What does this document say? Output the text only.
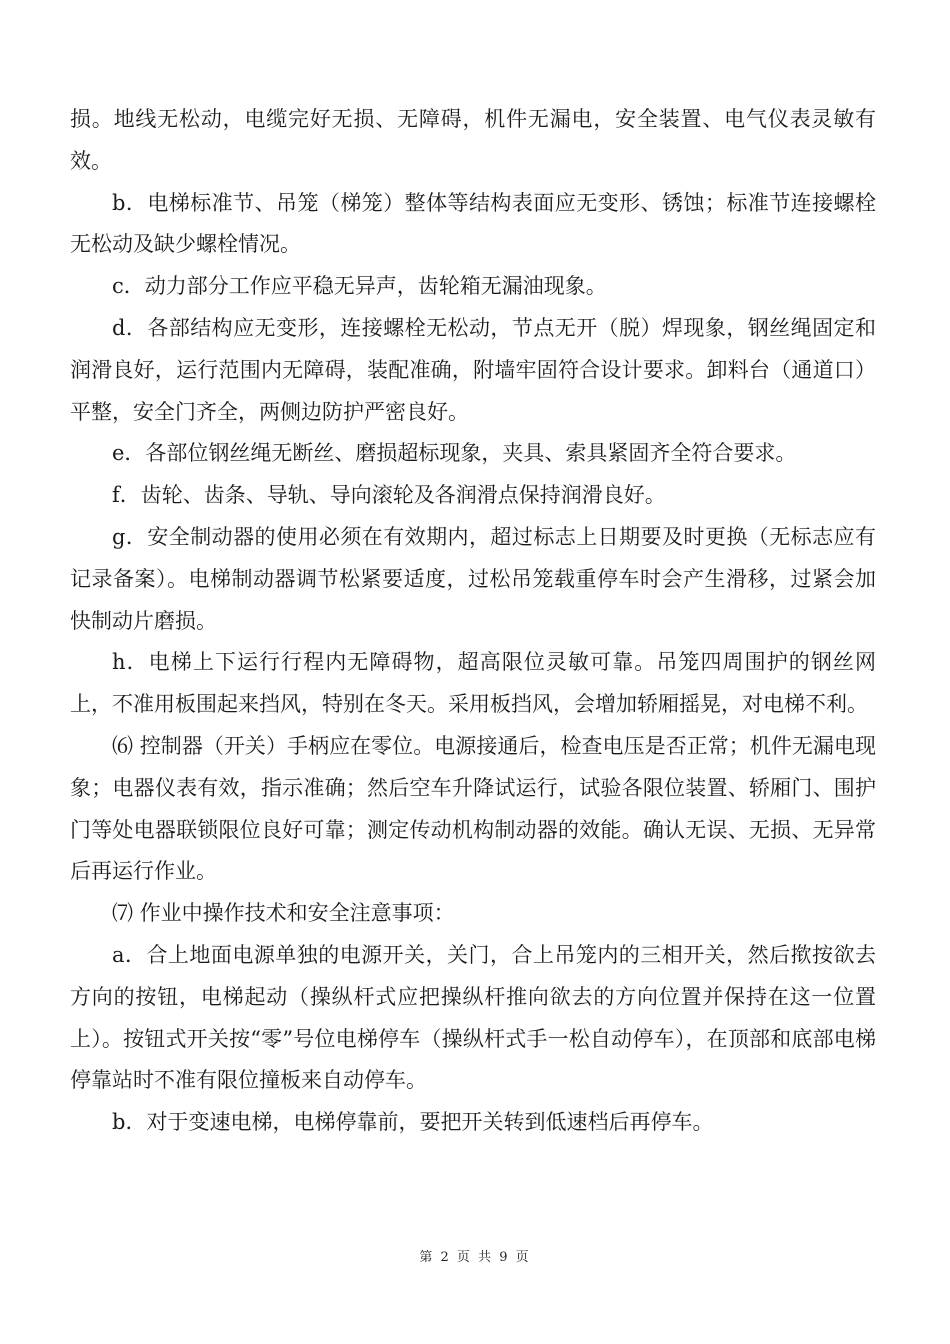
损。地线无松动，电缆完好无损、无障碍，机件无漏电，安全装置、电气仪表灵敏有效。

b．电梯标准节、吊笼（梯笼）整体等结构表面应无变形、锈蚀；标准节连接螺栓无松动及缺少螺栓情况。

c．动力部分工作应平稳无异声，齿轮箱无漏油现象。

d．各部结构应无变形，连接螺栓无松动，节点无开（脱）焊现象，钢丝绳固定和润滑良好，运行范围内无障碍，装配准确，附墙牢固符合设计要求。卸料台（通道口）平整，安全门齐全，两侧边防护严密良好。

e．各部位钢丝绳无断丝、磨损超标现象，夹具、索具紧固齐全符合要求。

f．齿轮、齿条、导轨、导向滚轮及各润滑点保持润滑良好。

g．安全制动器的使用必须在有效期内，超过标志上日期要及时更换（无标志应有记录备案）。电梯制动器调节松紧要适度，过松吊笼载重停车时会产生滑移，过紧会加快制动片磨损。

h．电梯上下运行行程内无障碍物，超高限位灵敏可靠。吊笼四周围护的钢丝网上，不准用板围起来挡风，特别在冬天。采用板挡风，会增加轿厢摇晃，对电梯不利。

⑹ 控制器（开关）手柄应在零位。电源接通后，检查电压是否正常；机件无漏电现象；电器仪表有效，指示准确；然后空车升降试运行，试验各限位装置、轿厢门、围护门等处电器联锁限位良好可靠；测定传动机构制动器的效能。确认无误、无损、无异常后再运行作业。

⑺ 作业中操作技术和安全注意事项：

a．合上地面电源单独的电源开关，关门，合上吊笼内的三相开关，然后揿按欲去方向的按钮，电梯起动（操纵杆式应把操纵杆推向欲去的方向位置并保持在这一位置上）。按钮式开关按“零”号位电梯停车（操纵杆式手一松自动停车），在顶部和底部电梯停靠站时不准有限位撞板来自动停车。

b．对于变速电梯，电梯停靠前，要把开关转到低速档后再停车。

第 2 页 共 9 页
